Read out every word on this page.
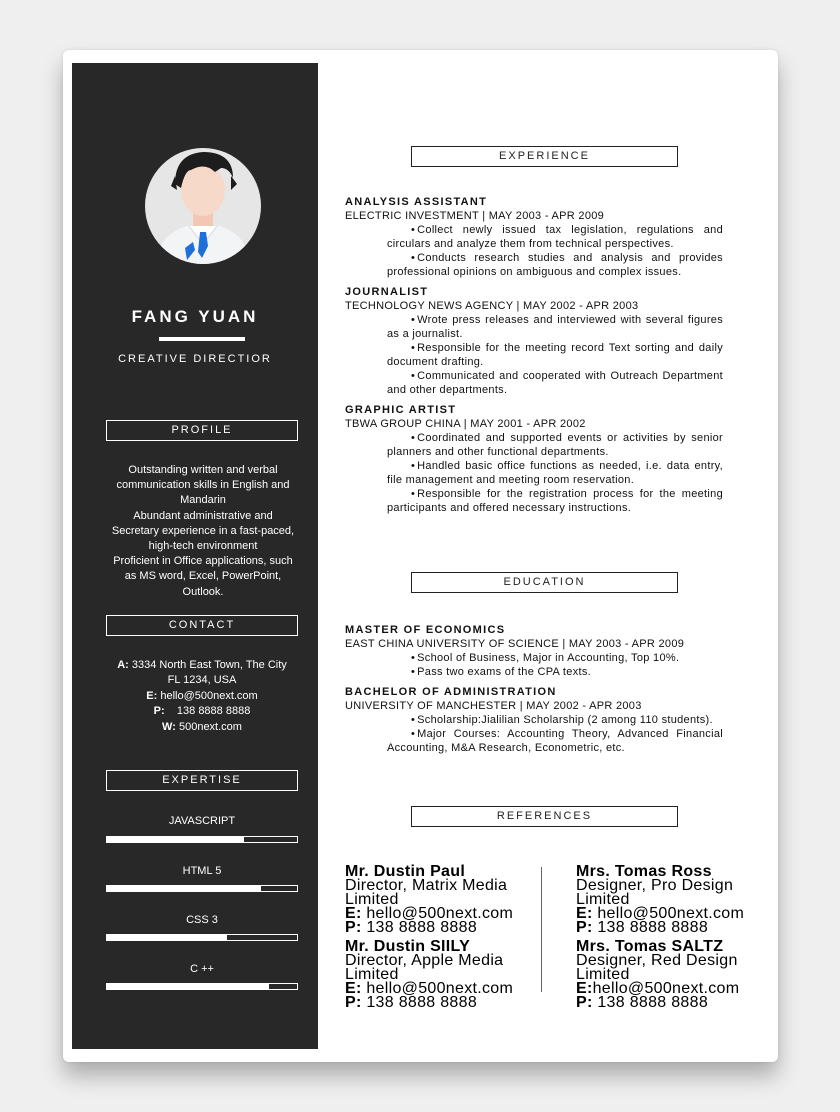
FANG YUAN
CREATIVE DIRECTIOR
PROFILE
Outstanding written and verbal communication skills in English and Mandarin
Abundant administrative and Secretary experience in a fast-paced, high-tech environment
Proficient in Office applications, such as MS word, Excel, PowerPoint, Outlook.
CONTACT
A: 3334 North East Town, The City
FL 1234, USA
E: hello@500next.com
P: 138 8888 8888
W: 500next.com
EXPERTISE
JAVASCRIPT
HTML 5
CSS 3
C ++
EXPERIENCE
ANALYSIS ASSISTANT
ELECTRIC INVESTMENT | MAY 2003 - APR 2009
• Collect newly issued tax legislation, regulations and circulars and analyze them from technical perspectives.
• Conducts research studies and analysis and provides professional opinions on ambiguous and complex issues.
JOURNALIST
TECHNOLOGY NEWS AGENCY | MAY 2002 - APR 2003
• Wrote press releases and interviewed with several figures as a journalist.
• Responsible for the meeting record Text sorting and daily document drafting.
• Communicated and cooperated with Outreach Department and other departments.
GRAPHIC ARTIST
TBWA GROUP CHINA | MAY 2001 - APR 2002
• Coordinated and supported events or activities by senior planners and other functional departments.
• Handled basic office functions as needed, i.e. data entry, file management and meeting room reservation.
• Responsible for the registration process for the meeting participants and offered necessary instructions.
EDUCATION
MASTER OF ECONOMICS
EAST CHINA UNIVERSITY OF SCIENCE | MAY 2003 - APR 2009
• School of Business, Major in Accounting, Top 10%.
• Pass two exams of the CPA texts.
BACHELOR OF ADMINISTRATION
UNIVERSITY OF MANCHESTER | MAY 2002 - APR 2003
• Scholarship:Jialilian Scholarship (2 among 110 students).
• Major Courses: Accounting Theory, Advanced Financial Accounting, M&A Research, Econometric, etc.
REFERENCES
Mr. Dustin Paul
Director, Matrix Media Limited
E: hello@500next.com
P: 138 8888 8888
Mrs. Tomas Ross
Designer, Pro Design Limited
E: hello@500next.com
P: 138 8888 8888
Mr. Dustin SIILY
Director, Apple Media Limited
E: hello@500next.com
P: 138 8888 8888
Mrs. Tomas SALTZ
Designer, Red Design Limited
E:hello@500next.com
P: 138 8888 8888
